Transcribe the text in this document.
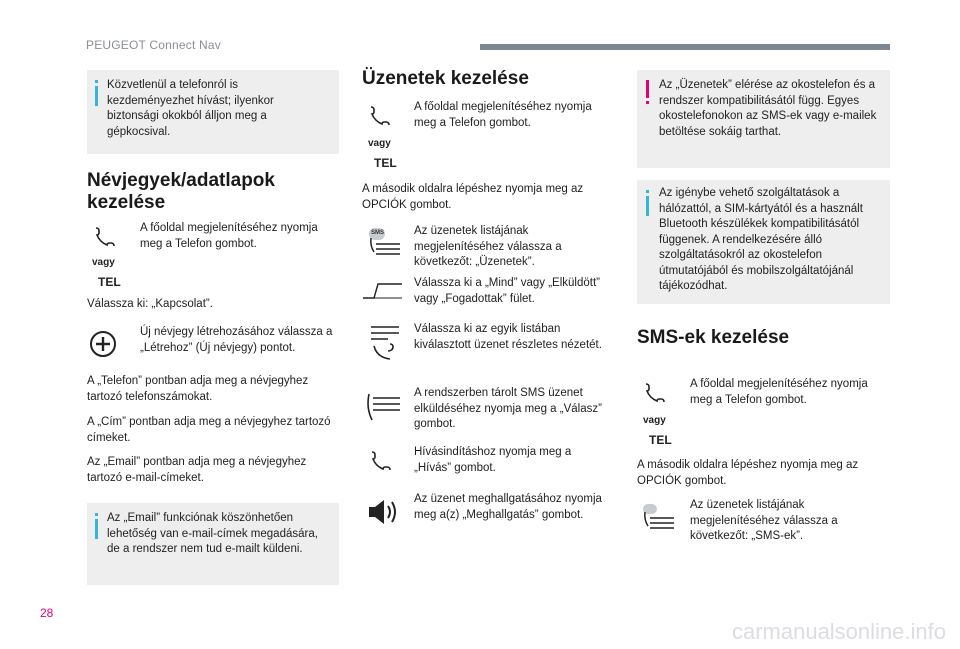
PEUGEOT Connect Nav
Közvetlenül a telefonról is kezdeményezhet hívást; ilyenkor biztonsági okokból álljon meg a gépkocsival.
Névjegyek/adatlapok kezelése
vagy
TEL
A főoldal megjelenítéséhez nyomja meg a Telefon gombot.
Válassza ki: „Kapcsolat”.
Új névjegy létrehozásához válassza a „Létrehoz” (Új névjegy) pontot.
A „Telefon” pontban adja meg a névjegyhez tartozó telefonszámokat.
A „Cím” pontban adja meg a névjegyhez tartozó címeket.
Az „Email” pontban adja meg a névjegyhez tartozó e-mail-címeket.
Az „Email” funkciónak köszönhetően lehetőség van e-mail-címek megadására, de a rendszer nem tud e-mailt küldeni.
Üzenetek kezelése
vagy
TEL
A főoldal megjelenítéséhez nyomja meg a Telefon gombot.
A második oldalra lépéshez nyomja meg az OPCIÓK gombot.
SMS	Az üzenetek listájának megjelenítéséhez válassza a következőt: „Üzenetek”.
Válassza ki a „Mind” vagy „Elküldött” vagy „Fogadottak” fület.
Válassza ki az egyik listában kiválasztott üzenet részletes nézetét.
A rendszerben tárolt SMS üzenet elküldéséhez nyomja meg a „Válasz” gombot.
Hívásindításhoz nyomja meg a „Hívás” gombot.
Az üzenet meghallgatásához nyomja meg a(z) „Meghallgatás” gombot.
Az „Üzenetek” elérése az okostelefon és a rendszer kompatibilitásától függ. Egyes okostelefonokon az SMS-ek vagy e-mailek betöltése sokáig tarthat.
Az igénybe vehető szolgáltatások a hálózattól, a SIM-kártyától és a használt Bluetooth készülékek kompatibilitásától függenek. A rendelkezésére álló szolgáltatásokról az okostelefon útmutatójából és mobilszolgáltatójánál tájékozódhat.
SMS-ek kezelése
vagy
TEL
A főoldal megjelenítéséhez nyomja meg a Telefon gombot.
A második oldalra lépéshez nyomja meg az OPCIÓK gombot.
Az üzenetek listájának megjelenítéséhez válassza a következőt: „SMS-ek”.
28
carmanualsonline.info
